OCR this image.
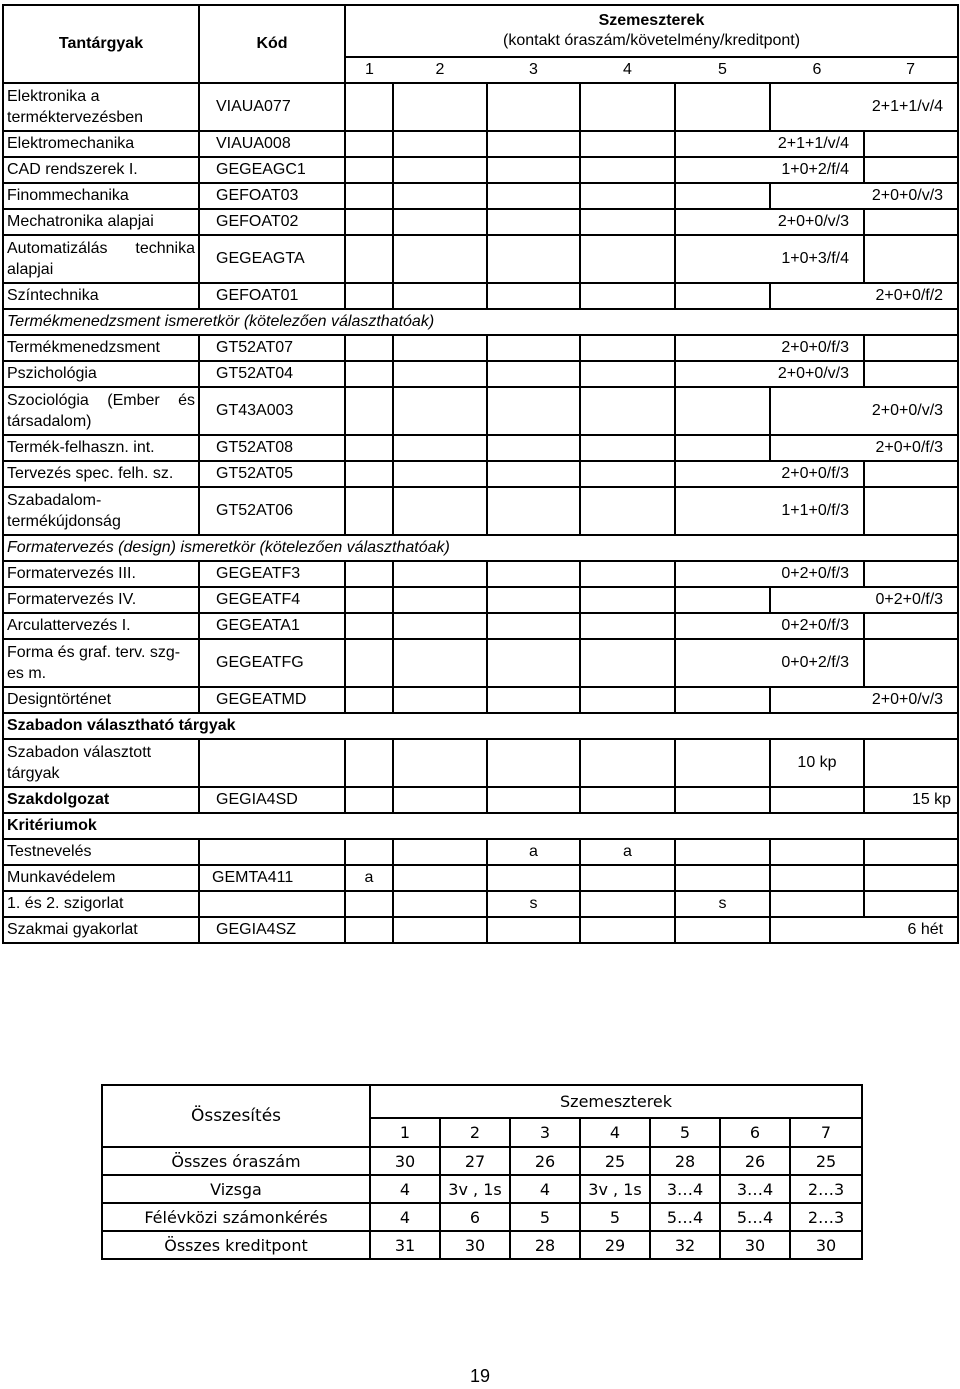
Tantárgyak	Kód	Szemeszterek
(kontakt óraszám/követelmény/kreditpont)						
		1	2	3	4	5	6	7
Elektronika a terméktervezésben	VIAUA077						2+1+1/v/4	
Elektromechanika	VIAUA008					2+1+1/v/4		
CAD rendszerek I.	GEGEAGC1					1+0+2/f/4		
Finommechanika	GEFOAT03						2+0+0/v/3	
Mechatronika alapjai	GEFOAT02					2+0+0/v/3		
Automatizálás technika alapjai	GEGEAGTA					1+0+3/f/4		
Színtechnika	GEFOAT01						2+0+0/f/2	
Termékmenedzsment ismeretkör (kötelezően választhatóak)								
Termékmenedzsment	GT52AT07					2+0+0/f/3		
Pszichológia	GT52AT04					2+0+0/v/3		
Szociológia (Ember és társadalom)	GT43A003						2+0+0/v/3	
Termék-felhaszn. int.	GT52AT08						2+0+0/f/3	
Tervezés spec. felh. sz.	GT52AT05					2+0+0/f/3		
Szabadalom- termékújdonság	GT52AT06					1+1+0/f/3		
Formatervezés (design) ismeretkör (kötelezően választhatóak)								
Formatervezés III.	GEGEATF3					0+2+0/f/3		
Formatervezés IV.	GEGEATF4						0+2+0/f/3	
Arculattervezés I.	GEGEATA1					0+2+0/f/3		
Forma és graf. terv. szg-es m.	GEGEATFG					0+0+2/f/3		
Designtörténet	GEGEATMD						2+0+0/v/3	
Szabadon választható tárgyak								
Szabadon választott tárgyak							10 kp	
Szakdolgozat	GEGIA4SD							15 kp
Kritériumok								
Testnevelés				a	a			
Munkavédelem	GEMTA411	a						
1. és 2. szigorlat				s		s		
Szakmai gyakorlat	GEGIA4SZ						6 hét	
Összesítés	Szemeszterek						
	1	2	3	4	5	6	7
Összes óraszám	30	27	26	25	28	26	25
Vizsga	4	3v , 1s	4	3v , 1s	3…4	3…4	2…3
Félévközi számonkérés	4	6	5	5	5…4	5…4	2…3
Összes kreditpont	31	30	28	29	32	30	30
19
